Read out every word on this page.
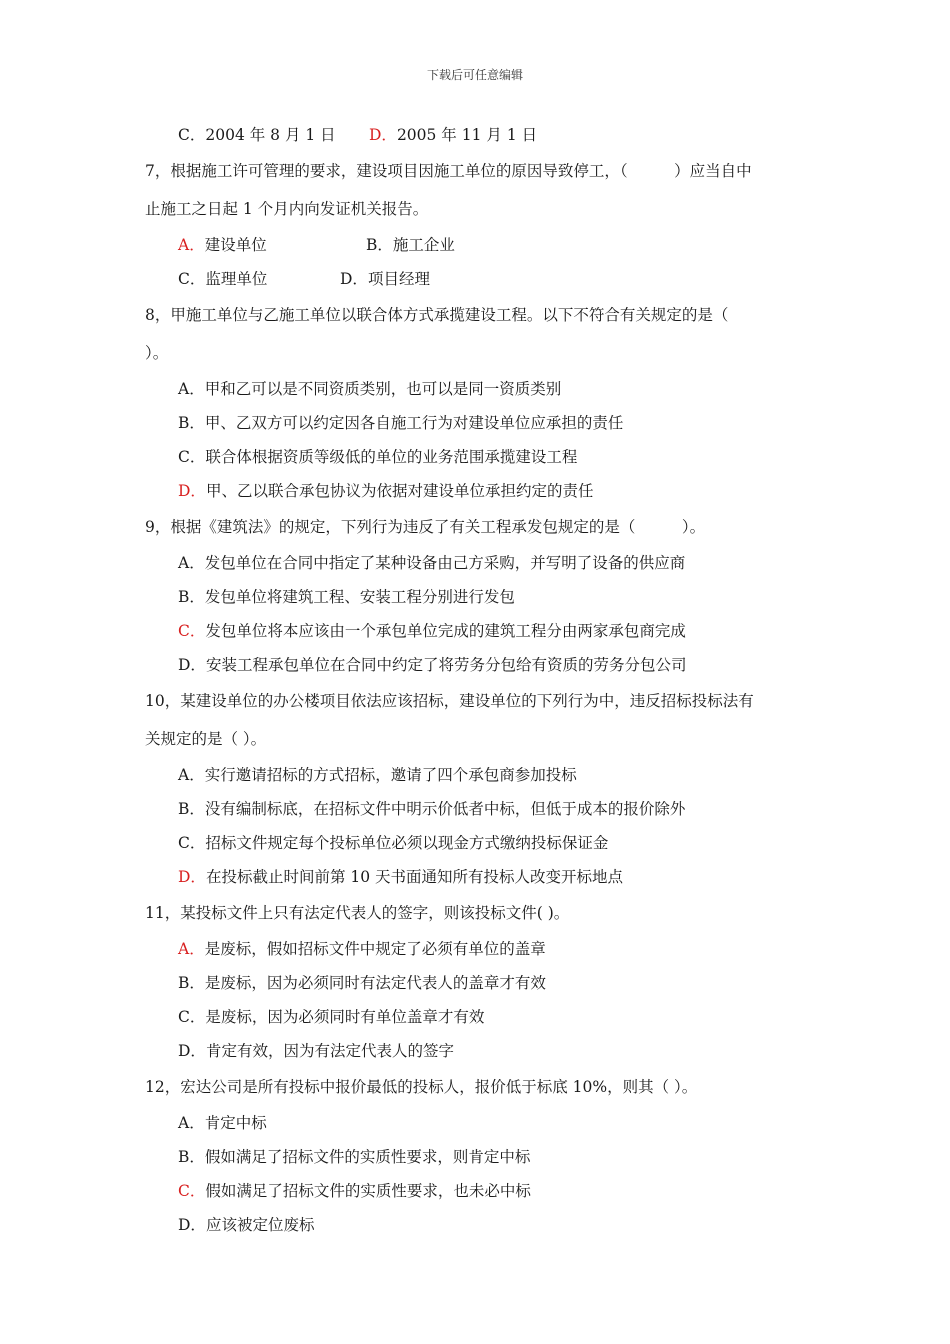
下载后可任意编辑
C．2004 年 8 月 1 日 D．2005 年 11 月 1 日
7，根据施工许可管理的要求，建设项目因施工单位的原因导致停工，（　　　）应当自中
止施工之日起 1 个月内向发证机关报告。
A．建设单位	B．施工企业
C．监理单位	D．项目经理
8，甲施工单位与乙施工单位以联合体方式承揽建设工程。以下不符合有关规定的是（
）。
A．甲和乙可以是不同资质类别，也可以是同一资质类别
B．甲、乙双方可以约定因各自施工行为对建设单位应承担的责任
C．联合体根据资质等级低的单位的业务范围承揽建设工程
D．甲、乙以联合承包协议为依据对建设单位承担约定的责任
9，根据《建筑法》的规定，下列行为违反了有关工程承发包规定的是（　　　）。
A．发包单位在合同中指定了某种设备由己方采购，并写明了设备的供应商
B．发包单位将建筑工程、安装工程分别进行发包
C．发包单位将本应该由一个承包单位完成的建筑工程分由两家承包商完成
D．安装工程承包单位在合同中约定了将劳务分包给有资质的劳务分包公司
10，某建设单位的办公楼项目依法应该招标，建设单位的下列行为中，违反招标投标法有
关规定的是（ ）。
A．实行邀请招标的方式招标，邀请了四个承包商参加投标
B．没有编制标底，在招标文件中明示价低者中标，但低于成本的报价除外
C．招标文件规定每个投标单位必须以现金方式缴纳投标保证金
D．在投标截止时间前第 10 天书面通知所有投标人改变开标地点
11，某投标文件上只有法定代表人的签字，则该投标文件( )。
A．是废标，假如招标文件中规定了必须有单位的盖章
B．是废标，因为必须同时有法定代表人的盖章才有效
C．是废标，因为必须同时有单位盖章才有效
D．肯定有效，因为有法定代表人的签字
12，宏达公司是所有投标中报价最低的投标人，报价低于标底 10%，则其（ ）。
A．肯定中标
B．假如满足了招标文件的实质性要求，则肯定中标
C．假如满足了招标文件的实质性要求，也未必中标
D．应该被定位废标
